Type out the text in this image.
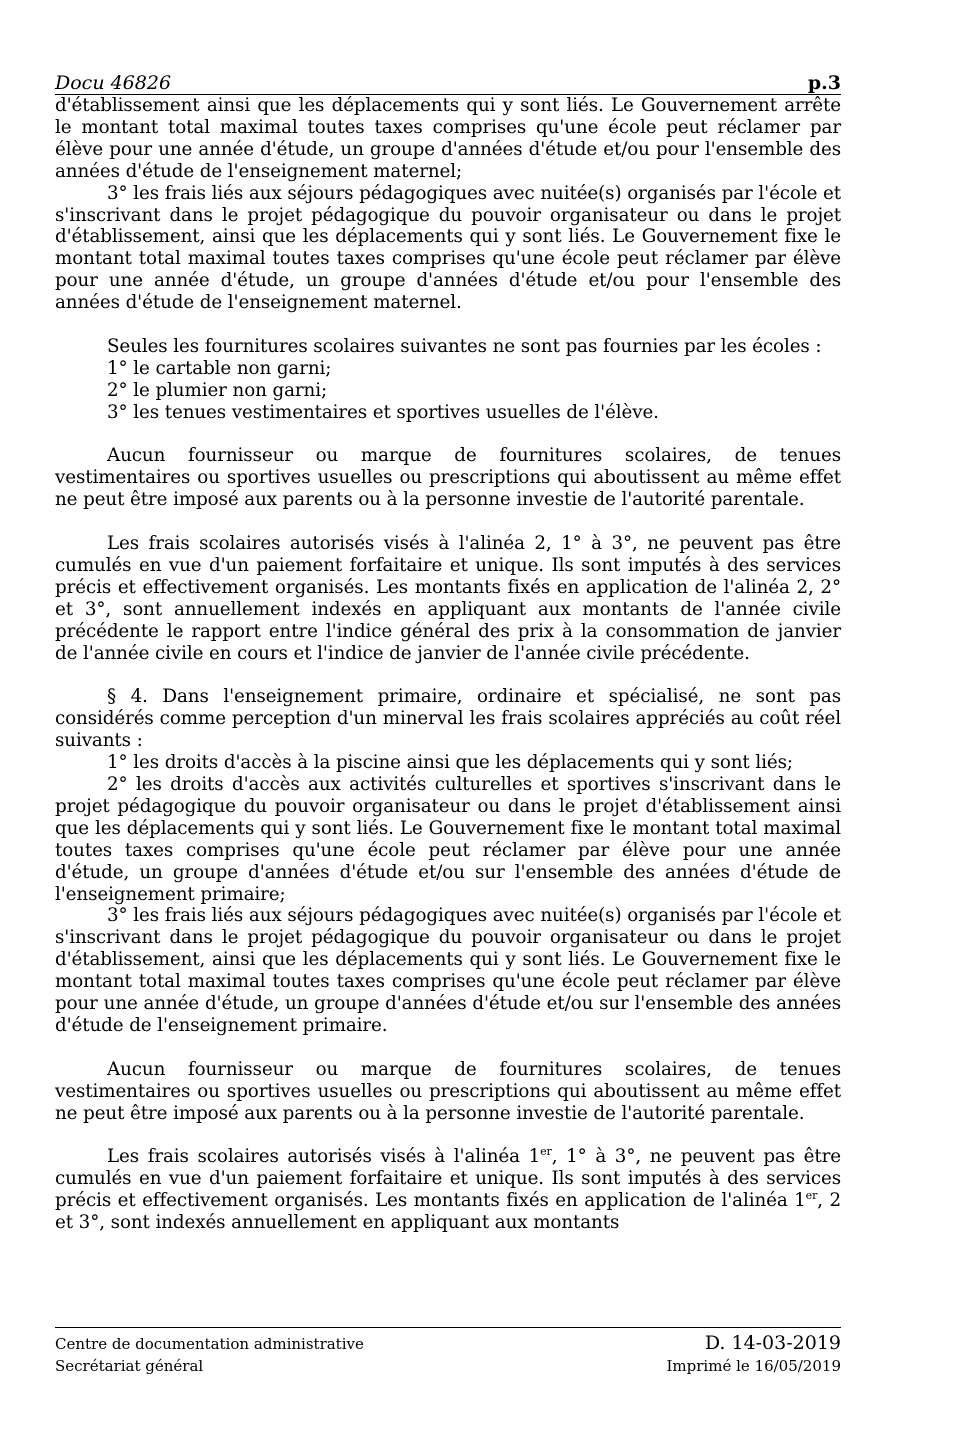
Docu 46826	p.3

d'établissement ainsi que les déplacements qui y sont liés. Le Gouvernement arrête le montant total maximal toutes taxes comprises qu'une école peut réclamer par élève pour une année d'étude, un groupe d'années d'étude et/ou pour l'ensemble des années d'étude de l'enseignement maternel;

3° les frais liés aux séjours pédagogiques avec nuitée(s) organisés par l'école et s'inscrivant dans le projet pédagogique du pouvoir organisateur ou dans le projet d'établissement, ainsi que les déplacements qui y sont liés. Le Gouvernement fixe le montant total maximal toutes taxes comprises qu'une école peut réclamer par élève pour une année d'étude, un groupe d'années d'étude et/ou pour l'ensemble des années d'étude de l'enseignement maternel.

Seules les fournitures scolaires suivantes ne sont pas fournies par les écoles :

1° le cartable non garni;

2° le plumier non garni;

3° les tenues vestimentaires et sportives usuelles de l'élève.

Aucun fournisseur ou marque de fournitures scolaires, de tenues vestimentaires ou sportives usuelles ou prescriptions qui aboutissent au même effet ne peut être imposé aux parents ou à la personne investie de l'autorité parentale.

Les frais scolaires autorisés visés à l'alinéa 2, 1° à 3°, ne peuvent pas être cumulés en vue d'un paiement forfaitaire et unique. Ils sont imputés à des services précis et effectivement organisés. Les montants fixés en application de l'alinéa 2, 2° et 3°, sont annuellement indexés en appliquant aux montants de l'année civile précédente le rapport entre l'indice général des prix à la consommation de janvier de l'année civile en cours et l'indice de janvier de l'année civile précédente.

§ 4. Dans l'enseignement primaire, ordinaire et spécialisé, ne sont pas considérés comme perception d'un minerval les frais scolaires appréciés au coût réel suivants :

1° les droits d'accès à la piscine ainsi que les déplacements qui y sont liés;

2° les droits d'accès aux activités culturelles et sportives s'inscrivant dans le projet pédagogique du pouvoir organisateur ou dans le projet d'établissement ainsi que les déplacements qui y sont liés. Le Gouvernement fixe le montant total maximal toutes taxes comprises qu'une école peut réclamer par élève pour une année d'étude, un groupe d'années d'étude et/ou sur l'ensemble des années d'étude de l'enseignement primaire;

3° les frais liés aux séjours pédagogiques avec nuitée(s) organisés par l'école et s'inscrivant dans le projet pédagogique du pouvoir organisateur ou dans le projet d'établissement, ainsi que les déplacements qui y sont liés. Le Gouvernement fixe le montant total maximal toutes taxes comprises qu'une école peut réclamer par élève pour une année d'étude, un groupe d'années d'étude et/ou sur l'ensemble des années d'étude de l'enseignement primaire.

Aucun fournisseur ou marque de fournitures scolaires, de tenues vestimentaires ou sportives usuelles ou prescriptions qui aboutissent au même effet ne peut être imposé aux parents ou à la personne investie de l'autorité parentale.

Les frais scolaires autorisés visés à l'alinéa 1er, 1° à 3°, ne peuvent pas être cumulés en vue d'un paiement forfaitaire et unique. Ils sont imputés à des services précis et effectivement organisés. Les montants fixés en application de l'alinéa 1er, 2 et 3°, sont indexés annuellement en appliquant aux montants

Centre de documentation administrative	D. 14-03-2019
Secrétariat général	Imprimé le 16/05/2019
